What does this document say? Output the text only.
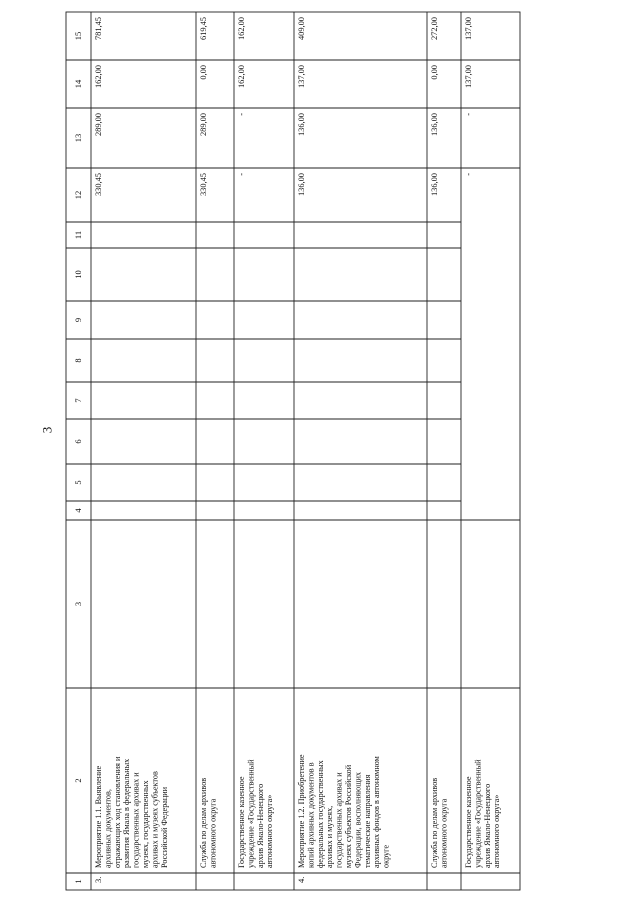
3
1
2
3
4
5
6
7
8
9
10
11
12
13
14
15
3.
Мероприятие 1.1. Выявление архивных документов, отражающих ход становления и развития Ямала в федеральных государственных архивах и музеях, государственных архивах и музеях субъектов Российской Федерации
330,45
289,00
162,00
781,45
Служба по делам архивов автономного округа
330,45
289,00
0,00
619,45
Государственное казенное учреждение «Государственный архив Ямало-Ненецкого автономного округа»
-
-
162,00
162,00
4.
Мероприятие 1.2. Приобретение копий архивных документов в федеральных государственных архивах и музеях, государственных архивах и музеях субъектов Российской Федерации, восполняющих тематические направления архивных фондов в автономном округе
136,00
136,00
137,00
409,00
Служба по делам архивов автономного округа
136,00
136,00
0,00
272,00
Государственное казенное учреждение «Государственный архив Ямало-Ненецкого автономного округа»
-
-
137,00
137,00
